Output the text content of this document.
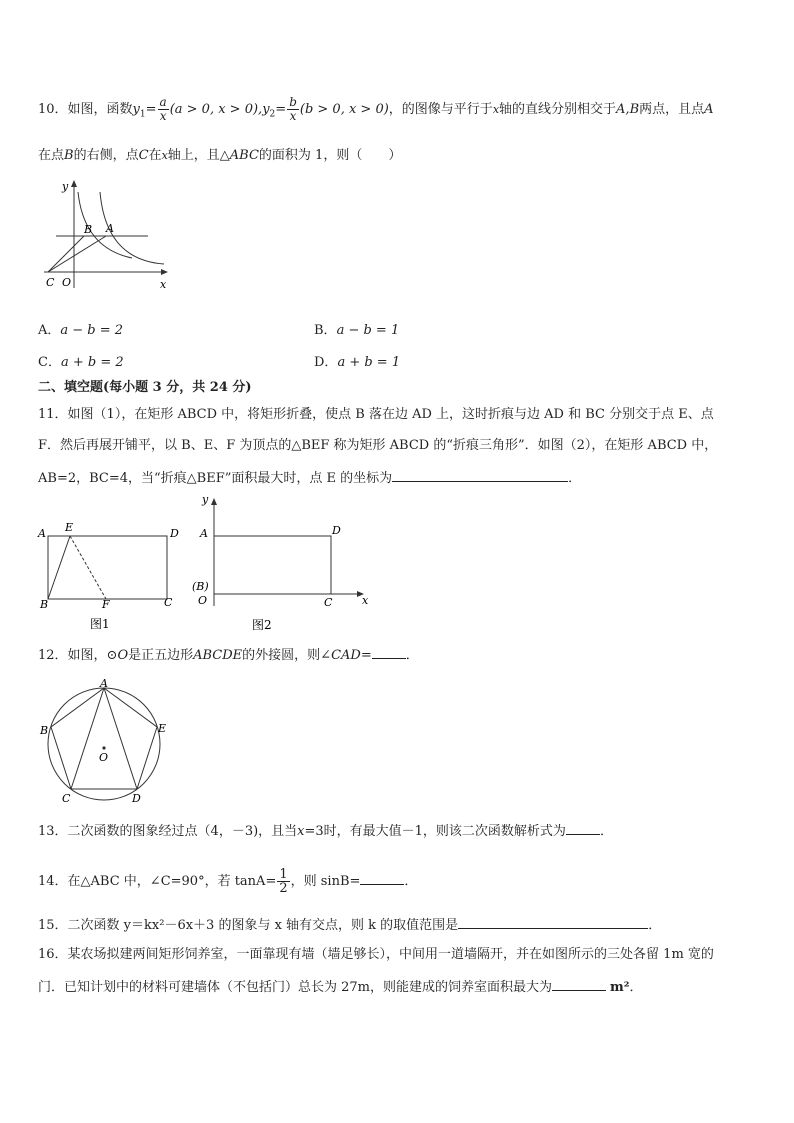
10．如图，函数$y_1= \frac{a}{x} (a > 0$, $x > 0),y_2= \frac{b}{x} (b > 0$, x > 0)，的图像与平行于x轴的直线分别相交于A,B两点，且点A
在点B的右侧，点C在x轴上，且△ABC的面积为 1，则（　　）
y
x
B A
C O
A．a − b = 2	B．a − b = 1
C．a + b = 2	D．a + b = 1
二、填空题(每小题 3 分，共 24 分)
11．如图（1），在矩形 ABCD 中，将矩形折叠，使点 B 落在边 AD 上，这时折痕与边 AD 和 BC 分别交于点 E、点
F．然后再展开铺平，以 B、E、F 为顶点的△BEF 称为矩形 ABCD 的“折痕三角形”．如图（2），在矩形 ABCD 中，
AB=2，BC=4，当“折痕△BEF”面积最大时，点 E 的坐标为	．
A E	D
B	F	C
图1
y
A	D
(B)
O	C	x
图2
12．如图，⊙O是正五边形ABCDE的外接圆，则∠CAD=	．
A
B	E
O
C	D
13．二次函数的图象经过点（4，－3)，且当x=3时，有最大值－1，则该二次函数解析式为	．
14．在△ABC 中，∠C=90°，若 $\tan A= \frac{1}{2}$ ，则 sinB=	．
15．二次函数 y＝kx²－6x＋3 的图象与 x 轴有交点，则 k 的取值范围是	．
16．某农场拟建两间矩形饲养室，一面靠现有墙（墙足够长），中间用一道墙隔开，并在如图所示的三处各留 1m 宽的
门．已知计划中的材料可建墙体（不包括门）总长为 27m，则能建成的饲养室面积最大为	m²．
